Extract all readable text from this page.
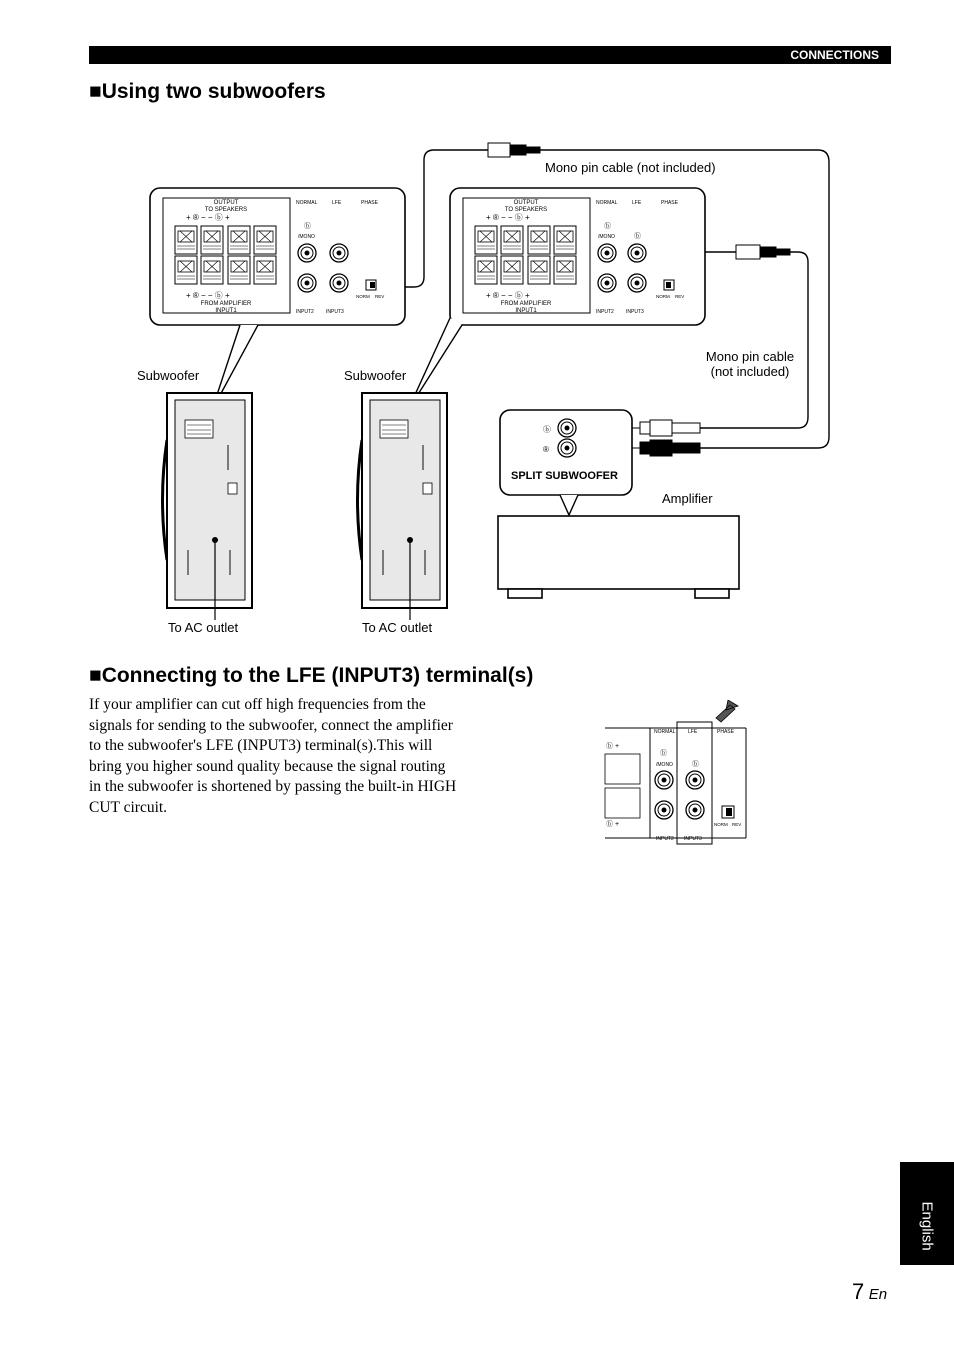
CONNECTIONS
■Using two subwoofers
OUTPUT
TO SPEAKERS
+ ® − − ⓑ +
+ ® − − ⓑ +
FROM AMPLIFIER
INPUT1
NORMAL	LFE	PHASE
ⓑ
/MONO
NORM REV
INPUT2 INPUT3
OUTPUT
TO SPEAKERS
+ ® − − ⓑ +
+ ® − − ⓑ +
FROM AMPLIFIER
INPUT1
NORMAL	LFE	PHASE
ⓑ
/MONO	ⓑ
NORM REV
INPUT2 INPUT3
ⓑ
®
SPLIT SUBWOOFER
Mono pin cable (not included)
Mono pin cable
(not included)
Subwoofer	Subwoofer
Amplifier
To AC outlet	To AC outlet
■Connecting to the LFE (INPUT3) terminal(s)
If your amplifier can cut off high frequencies from the
signals for sending to the subwoofer, connect the amplifier
to the subwoofer's LFE (INPUT3) terminal(s).This will
bring you higher sound quality because the signal routing
in the subwoofer is shortened by passing the built-in HIGH
CUT circuit.
NORMAL	LFE	PHASE
ⓑ +
ⓑ
/MONO	ⓑ
NORM REV
ⓑ +
INPUT2 INPUT3
English
7 En
